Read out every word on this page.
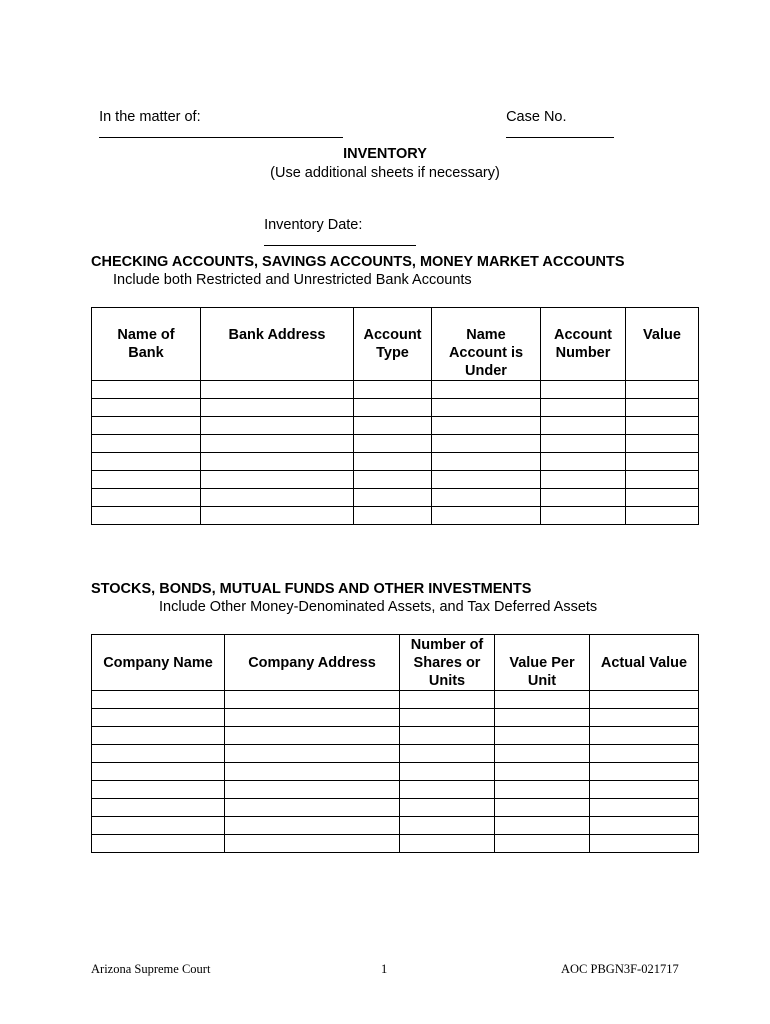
In the matter of:
	Case No.

INVENTORY
(Use additional sheets if necessary)

Inventory Date:

CHECKING ACCOUNTS, SAVINGS ACCOUNTS, MONEY MARKET ACCOUNTS
Include both Restricted and Unrestricted Bank Accounts
Name of Bank	Bank Address	Account Type	Name Account is Under	Account Number	Value

STOCKS, BONDS, MUTUAL FUNDS AND OTHER INVESTMENTS
Include Other Money-Denominated Assets, and Tax Deferred Assets
Company Name	Company Address	Number of Shares or Units	Value Per Unit	Actual Value

Arizona Supreme Court	1	AOC PBGN3F-021717
